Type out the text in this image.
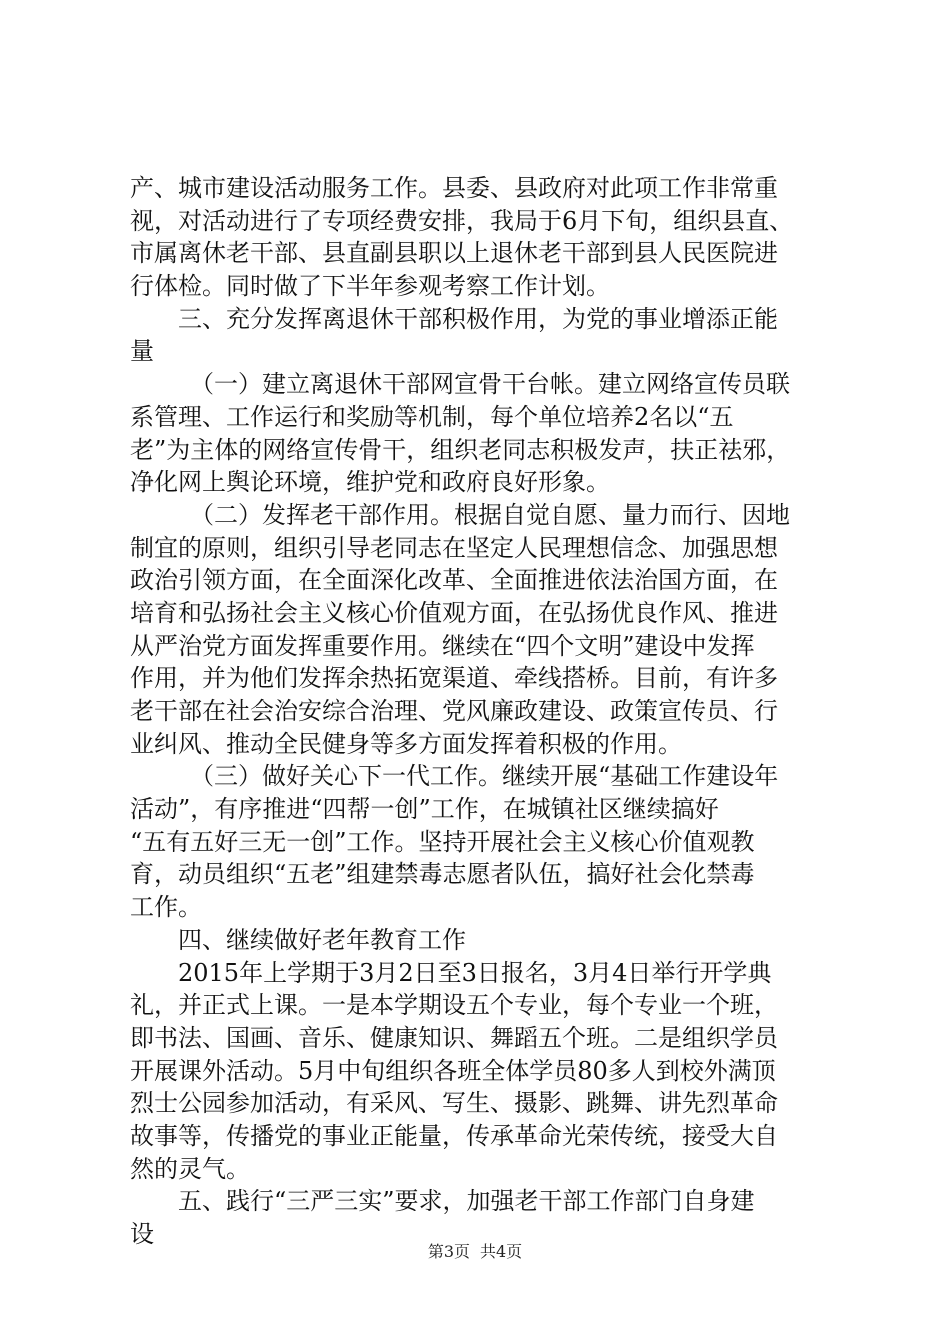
产、城市建设活动服务工作。县委、县政府对此项工作非常重
视，对活动进行了专项经费安排，我局于6月下旬，组织县直、
市属离休老干部、县直副县职以上退休老干部到县人民医院进
行体检。同时做了下半年参观考察工作计划。
三、充分发挥离退休干部积极作用，为党的事业增添正能
量
（一）建立离退休干部网宣骨干台帐。建立网络宣传员联
系管理、工作运行和奖励等机制，每个单位培养2名以“五
老”为主体的网络宣传骨干，组织老同志积极发声，扶正祛邪，
净化网上舆论环境，维护党和政府良好形象。
（二）发挥老干部作用。根据自觉自愿、量力而行、因地
制宜的原则，组织引导老同志在坚定人民理想信念、加强思想
政治引领方面，在全面深化改革、全面推进依法治国方面，在
培育和弘扬社会主义核心价值观方面，在弘扬优良作风、推进
从严治党方面发挥重要作用。继续在“四个文明”建设中发挥
作用，并为他们发挥余热拓宽渠道、牵线搭桥。目前，有许多
老干部在社会治安综合治理、党风廉政建设、政策宣传员、行
业纠风、推动全民健身等多方面发挥着积极的作用。
（三）做好关心下一代工作。继续开展“基础工作建设年
活动”，有序推进“四帮一创”工作，在城镇社区继续搞好
“五有五好三无一创”工作。坚持开展社会主义核心价值观教
育，动员组织“五老”组建禁毒志愿者队伍，搞好社会化禁毒
工作。
四、继续做好老年教育工作
2015年上学期于3月2日至3日报名，3月4日举行开学典
礼，并正式上课。一是本学期设五个专业，每个专业一个班，
即书法、国画、音乐、健康知识、舞蹈五个班。二是组织学员
开展课外活动。5月中旬组织各班全体学员80多人到校外满顶
烈士公园参加活动，有采风、写生、摄影、跳舞、讲先烈革命
故事等，传播党的事业正能量，传承革命光荣传统，接受大自
然的灵气。
五、践行“三严三实”要求，加强老干部工作部门自身建
设
第3页 共4页
